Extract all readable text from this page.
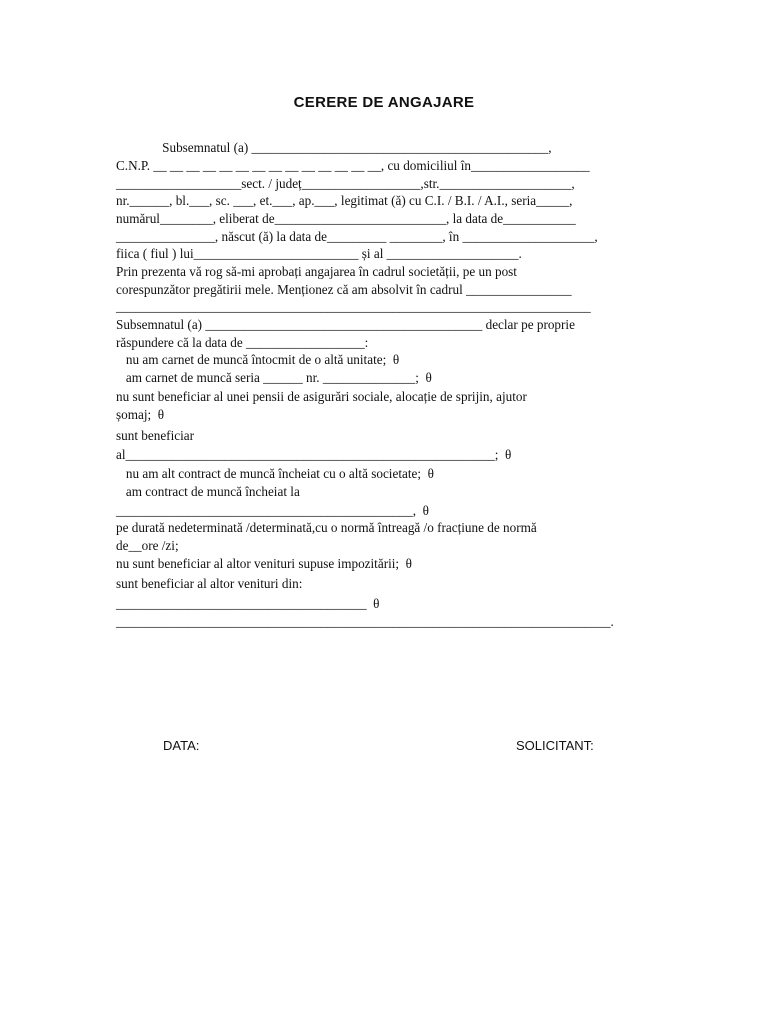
CERERE DE ANGAJARE

Subsemnatul (a) _____________________________________________,

C.N.P. __ __ __ __ __ __ __ __ __ __ __ __ __ __, cu domiciliul în__________________

___________________sect. / județ__________________,str.____________________,

nr.______, bl.___, sc. ___, et.___, ap.___, legitimat (ă) cu C.I. / B.I. / A.I., seria_____,

numărul________, eliberat de__________________________, la data de___________

_______________, născut (ă) la data de_________ ________, în ____________________,

fiica ( fiul ) lui_________________________ și al ____________________.

Prin prezenta vă rog să-mi aprobați angajarea în cadrul societății, pe un post

corespunzător pregătirii mele. Menționez că am absolvit în cadrul ________________

________________________________________________________________________

Subsemnatul (a) __________________________________________ declar pe proprie

răspundere că la data de __________________:

nu am carnet de muncă întocmit de o altă unitate;  θ

am carnet de muncă seria ______ nr. ______________;  θ

nu sunt beneficiar al unei pensii de asigurări sociale, alocație de sprijin, ajutor

șomaj;  θ

sunt beneficiar

al________________________________________________________;  θ

nu am alt contract de muncă încheiat cu o altă societate;  θ

am contract de muncă încheiat la

_____________________________________________,  θ

pe durată nedeterminată /determinată,cu o normă întreagă /o fracțiune de normă

de__ore /zi;

nu sunt beneficiar al altor venituri supuse impozitării;  θ

sunt beneficiar al altor venituri din:

______________________________________  θ

___________________________________________________________________________.

DATA:	SOLICITANT:
